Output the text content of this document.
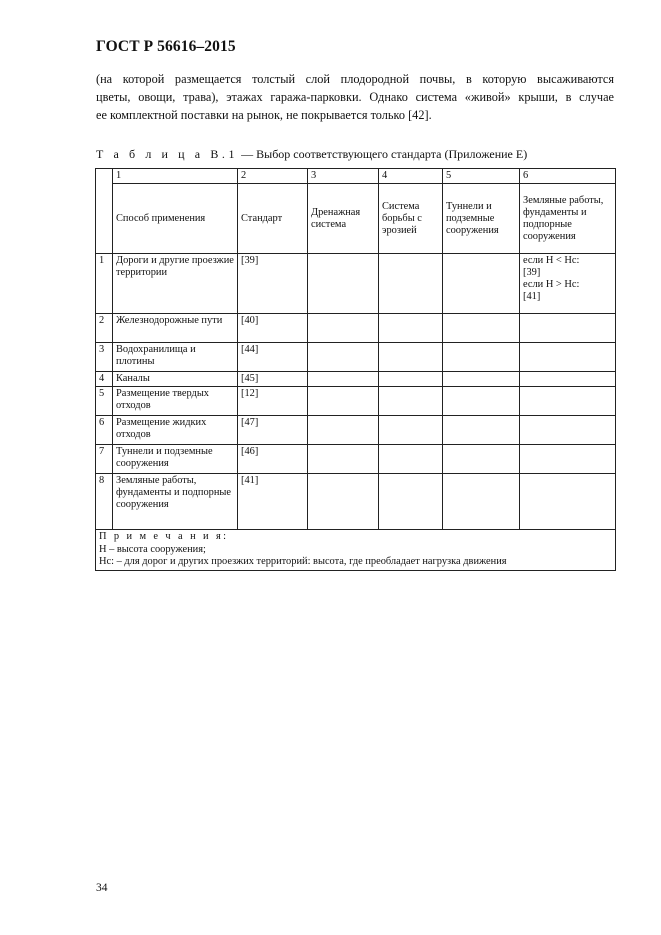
ГОСТ Р 56616–2015

(на которой размещается толстый слой плодородной почвы, в которую высаживаются
цветы, овощи, трава), этажах гаража-парковки. Однако система «живой» крыши, в случае
ее комплектной поставки на рынок, не покрывается только [42].

Т а б л и ц а В.1 — Выбор соответствующего стандарта (Приложение Е)
	1	2	3	4	5	6
	Способ применения	Стандарт	Дренажная система	Система борьбы с эрозией	Туннели и подземные сооружения	Земляные работы, фундаменты и подпорные сооружения
1	Дороги и другие проезжие территории	[39]				если H < Hc:
[39]
если H > Hc:
[41]

2	Железнодорожные пути	[40]				
3	Водохранилища и плотины	[44]				
4	Каналы	[45]				
5	Размещение твердых отходов	[12]				
6	Размещение жидких отходов	[47]				
7	Туннели и подземные сооружения	[46]				
8	Земляные работы, фундаменты и подпорные сооружения	[41]				

П р и м е ч а н и я:
H – высота сооружения;
Hc: – для дорог и других проезжих территорий: высота, где преобладает нагрузка движения						
34
